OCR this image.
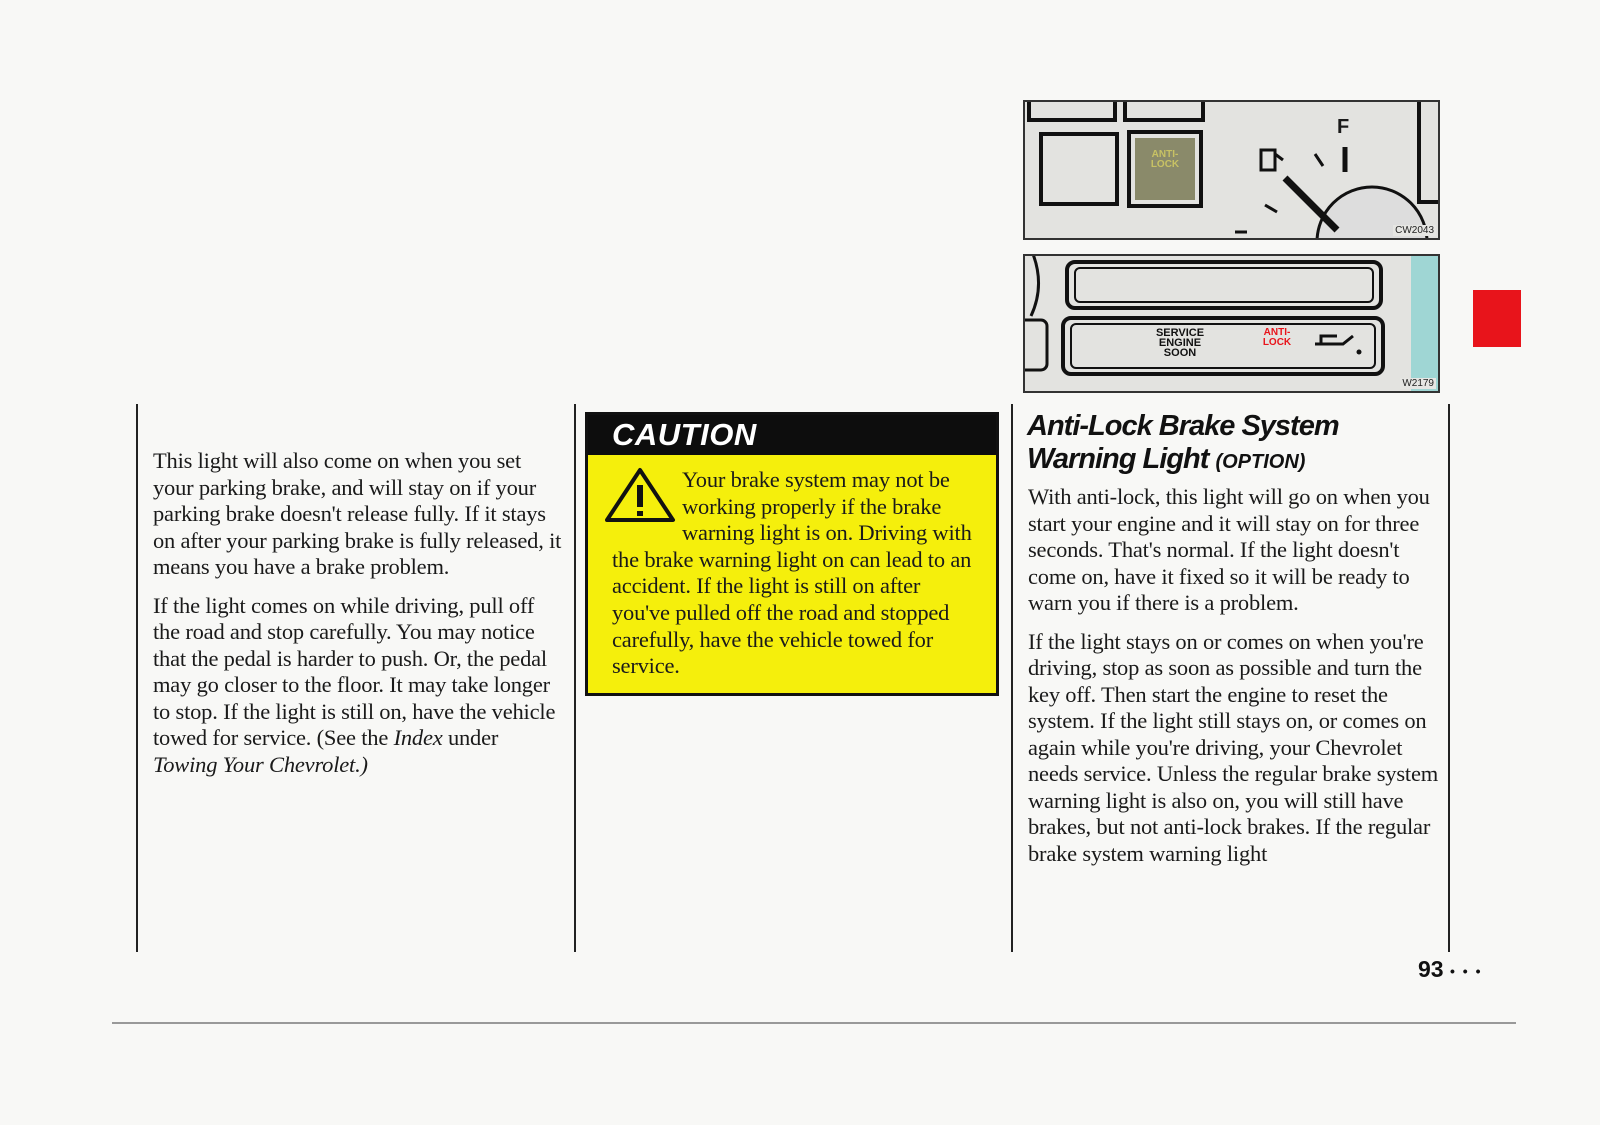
This light will also come on when you set your parking brake, and will stay on if your parking brake doesn't release fully. If it stays on after your parking brake is fully released, it means you have a brake problem.

If the light comes on while driving, pull off the road and stop carefully. You may notice that the pedal is harder to push. Or, the pedal may go closer to the floor. It may take longer to stop. If the light is still on, have the vehicle towed for service. (See the Index under Towing Your Chevrolet.)

CAUTION
Your brake system may not be working properly if the brake warning light is on. Driving with the brake warning light on can lead to an accident. If the light is still on after you've pulled off the road and stopped carefully, have the vehicle towed for service.
F
ANTI- LOCK
CW2043
SERVICE ENGINE SOON
ANTI- LOCK
W2179
Anti-Lock Brake System Warning Light (OPTION)

With anti-lock, this light will go on when you start your engine and it will stay on for three seconds. That's normal. If the light doesn't come on, have it fixed so it will be ready to warn you if there is a problem.

If the light stays on or comes on when you're driving, stop as soon as possible and turn the key off. Then start the engine to reset the system. If the light still stays on, or comes on again while you're driving, your Chevrolet needs service. Unless the regular brake system warning light is also on, you will still have brakes, but not anti-lock brakes. If the regular brake system warning light

93 • • •
